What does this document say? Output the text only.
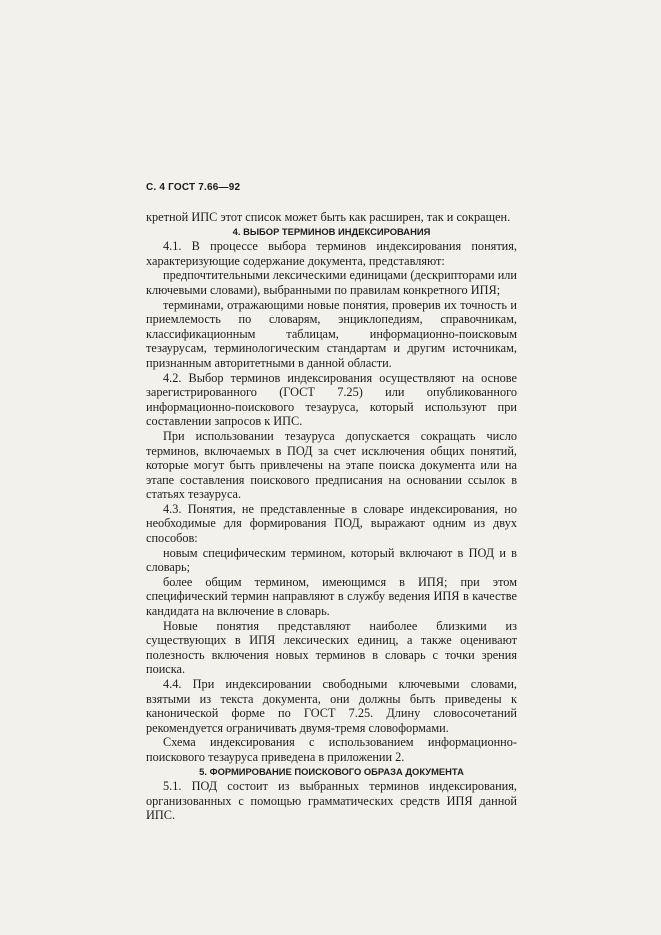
С. 4 ГОСТ 7.66—92

кретной ИПС этот список может быть как расширен, так и сокращен.

4. ВЫБОР ТЕРМИНОВ ИНДЕКСИРОВАНИЯ

4.1. В процессе выбора терминов индексирования понятия, характеризующие содержание документа, представляют:

предпочтительными лексическими единицами (дескрипторами или ключевыми словами), выбранными по правилам конкретного ИПЯ;

терминами, отражающими новые понятия, проверив их точность и приемлемость по словарям, энциклопедиям, справочникам, классификационным таблицам, информационно-поисковым тезаурусам, терминологическим стандартам и другим источникам, признанным авторитетными в данной области.

4.2. Выбор терминов индексирования осуществляют на основе зарегистрированного (ГОСТ 7.25) или опубликованного информационно-поискового тезауруса, который используют при составлении запросов к ИПС.

При использовании тезауруса допускается сокращать число терминов, включаемых в ПОД за счет исключения общих понятий, которые могут быть привлечены на этапе поиска документа или на этапе составления поискового предписания на основании ссылок в статьях тезауруса.

4.3. Понятия, не представленные в словаре индексирования, но необходимые для формирования ПОД, выражают одним из двух способов:

новым специфическим термином, который включают в ПОД и в словарь;

более общим термином, имеющимся в ИПЯ; при этом специфический термин направляют в службу ведения ИПЯ в качестве кандидата на включение в словарь.

Новые понятия представляют наиболее близкими из существующих в ИПЯ лексических единиц, а также оценивают полезность включения новых терминов в словарь с точки зрения поиска.

4.4. При индексировании свободными ключевыми словами, взятыми из текста документа, они должны быть приведены к каноничеcкой форме по ГОСТ 7.25. Длину словосочетаний рекомендуется ограничивать двумя-тремя словоформами.

Схема индексирования с использованием информационно-поискового тезауруса приведена в приложении 2.

5. ФОРМИРОВАНИЕ ПОИСКОВОГО ОБРАЗА ДОКУМЕНТА

5.1. ПОД состоит из выбранных терминов индексирования, организованных с помощью грамматических средств ИПЯ данной ИПС.
